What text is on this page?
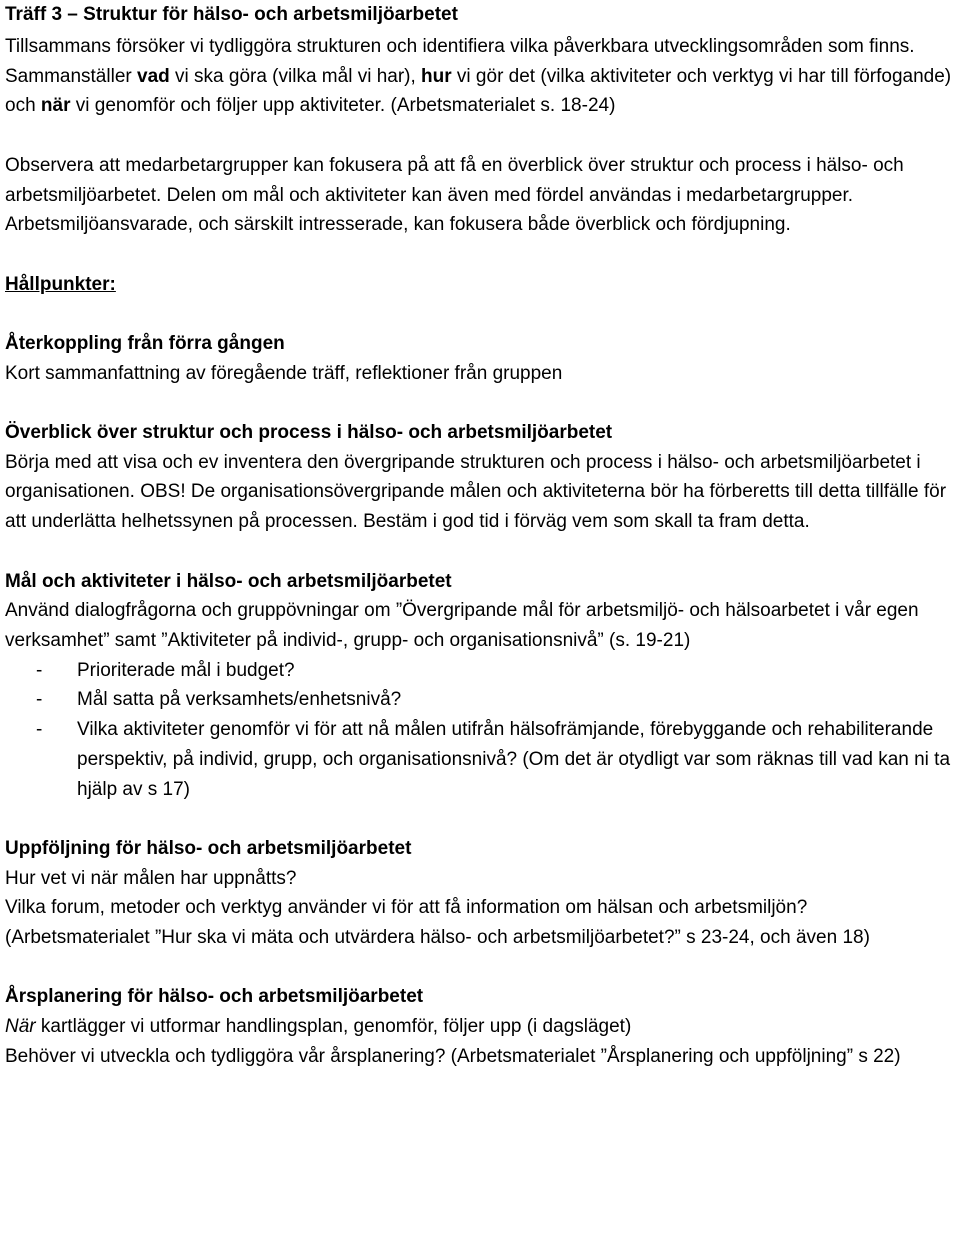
Träff 3 – Struktur för hälso- och arbetsmiljöarbetet

Tillsammans försöker vi tydliggöra strukturen och identifiera vilka påverkbara utvecklingsområden som finns. Sammanställer vad vi ska göra (vilka mål vi har), hur vi gör det (vilka aktiviteter och verktyg vi har till förfogande) och när vi genomför och följer upp aktiviteter. (Arbetsmaterialet s. 18-24)

Observera att medarbetargrupper kan fokusera på att få en överblick över struktur och process i hälso- och arbetsmiljöarbetet. Delen om mål och aktiviteter kan även med fördel användas i medarbetargrupper. Arbetsmiljöansvarade, och särskilt intresserade, kan fokusera både överblick och fördjupning.

Hållpunkter:
Återkoppling från förra gången

Kort sammanfattning av föregående träff, reflektioner från gruppen

Överblick över struktur och process i hälso- och arbetsmiljöarbetet

Börja med att visa och ev inventera den övergripande strukturen och process i hälso- och arbetsmiljöarbetet i organisationen. OBS! De organisationsövergripande målen och aktiviteterna bör ha förberetts till detta tillfälle för att underlätta helhetssynen på processen. Bestäm i god tid i förväg vem som skall ta fram detta.

Mål och aktiviteter i hälso- och arbetsmiljöarbetet

Använd dialogfrågorna och gruppövningar om ”Övergripande mål för arbetsmiljö- och hälsoarbetet i vår egen verksamhet” samt ”Aktiviteter på individ-, grupp- och organisationsnivå” (s. 19-21)

- Prioriterade mål i budget?
- Mål satta på verksamhets/enhetsnivå?
- Vilka aktiviteter genomför vi för att nå målen utifrån hälsofrämjande, förebyggande och rehabiliterande perspektiv, på individ, grupp, och organisationsnivå? (Om det är otydligt var som räknas till vad kan ni ta hjälp av s 17)
Uppföljning för hälso- och arbetsmiljöarbetet

Hur vet vi när målen har uppnåtts?

Vilka forum, metoder och verktyg använder vi för att få information om hälsan och arbetsmiljön? (Arbetsmaterialet ”Hur ska vi mäta och utvärdera hälso- och arbetsmiljöarbetet?” s 23-24, och även 18)

Årsplanering för hälso- och arbetsmiljöarbetet

När kartlägger vi utformar handlingsplan, genomför, följer upp (i dagsläget)

Behöver vi utveckla och tydliggöra vår årsplanering? (Arbetsmaterialet ”Årsplanering och uppföljning” s 22)
